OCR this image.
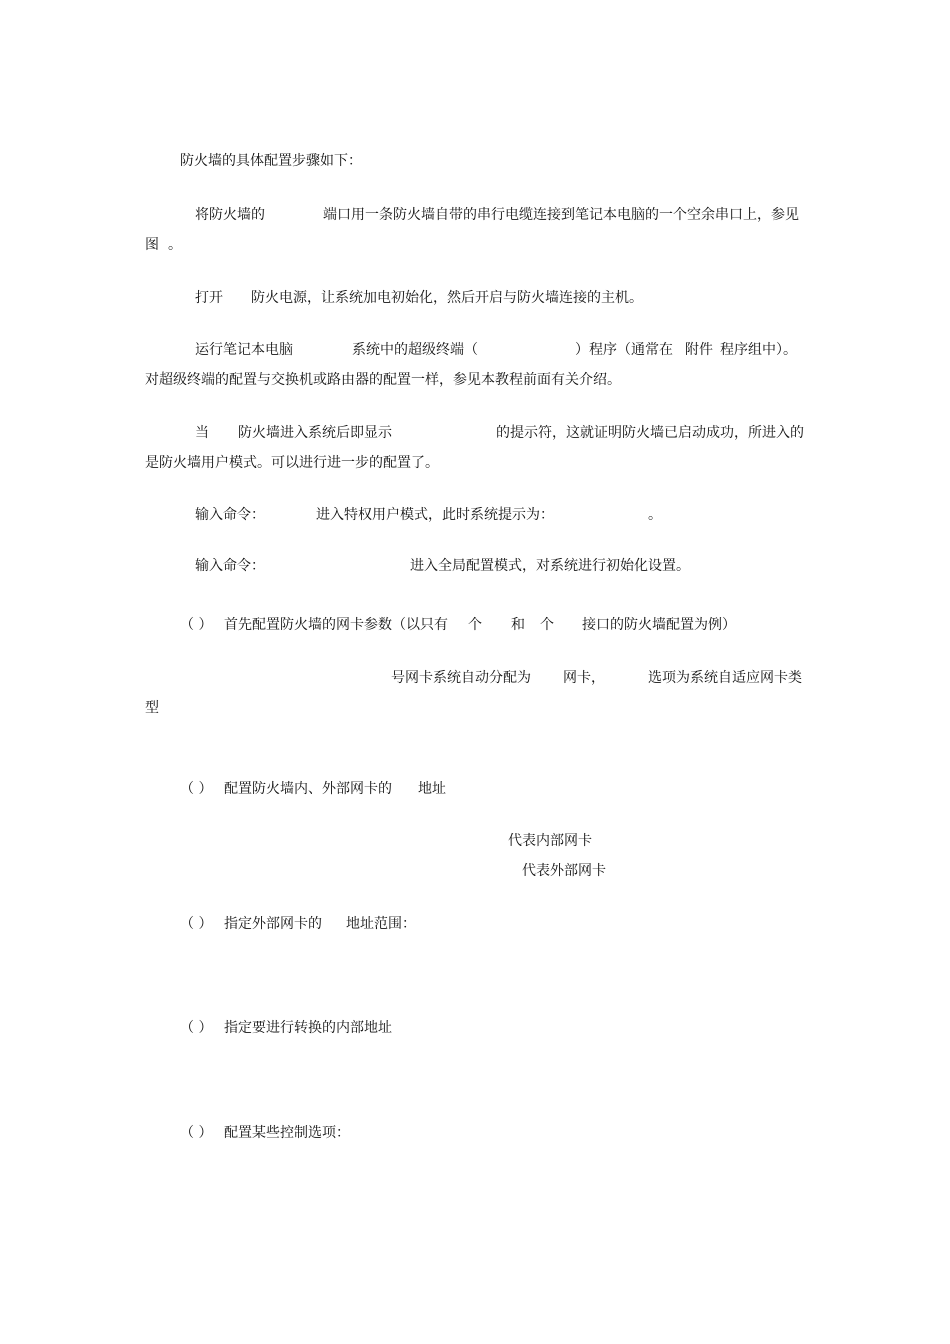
防火墙的具体配置步骤如下：
将防火墙的	端口用一条防火墙自带的串行电缆连接到笔记本电脑的一个空余串口上，参见
图 。
打开 防火电源，让系统加电初始化，然后开启与防火墙连接的主机。
运行笔记本电脑	系统中的超级终端（	）程序（通常在 附件 程序组中）。
对超级终端的配置与交换机或路由器的配置一样，参见本教程前面有关介绍。
当 防火墙进入系统后即显示	的提示符，这就证明防火墙已启动成功，所进入的
是防火墙用户模式。可以进行进一步的配置了。
输入命令：	进入特权用户模式，此时系统提示为：	。
输入命令：	进入全局配置模式，对系统进行初始化设置。
（ ） 首先配置防火墙的网卡参数（以只有 个 和 个 接口的防火墙配置为例）
号网卡系统自动分配为 网卡，	选项为系统自适应网卡类
型
（ ） 配置防火墙内、外部网卡的 地址
代表内部网卡
代表外部网卡
（ ） 指定外部网卡的 地址范围：
（ ） 指定要进行转换的内部地址
（ ） 配置某些控制选项：
